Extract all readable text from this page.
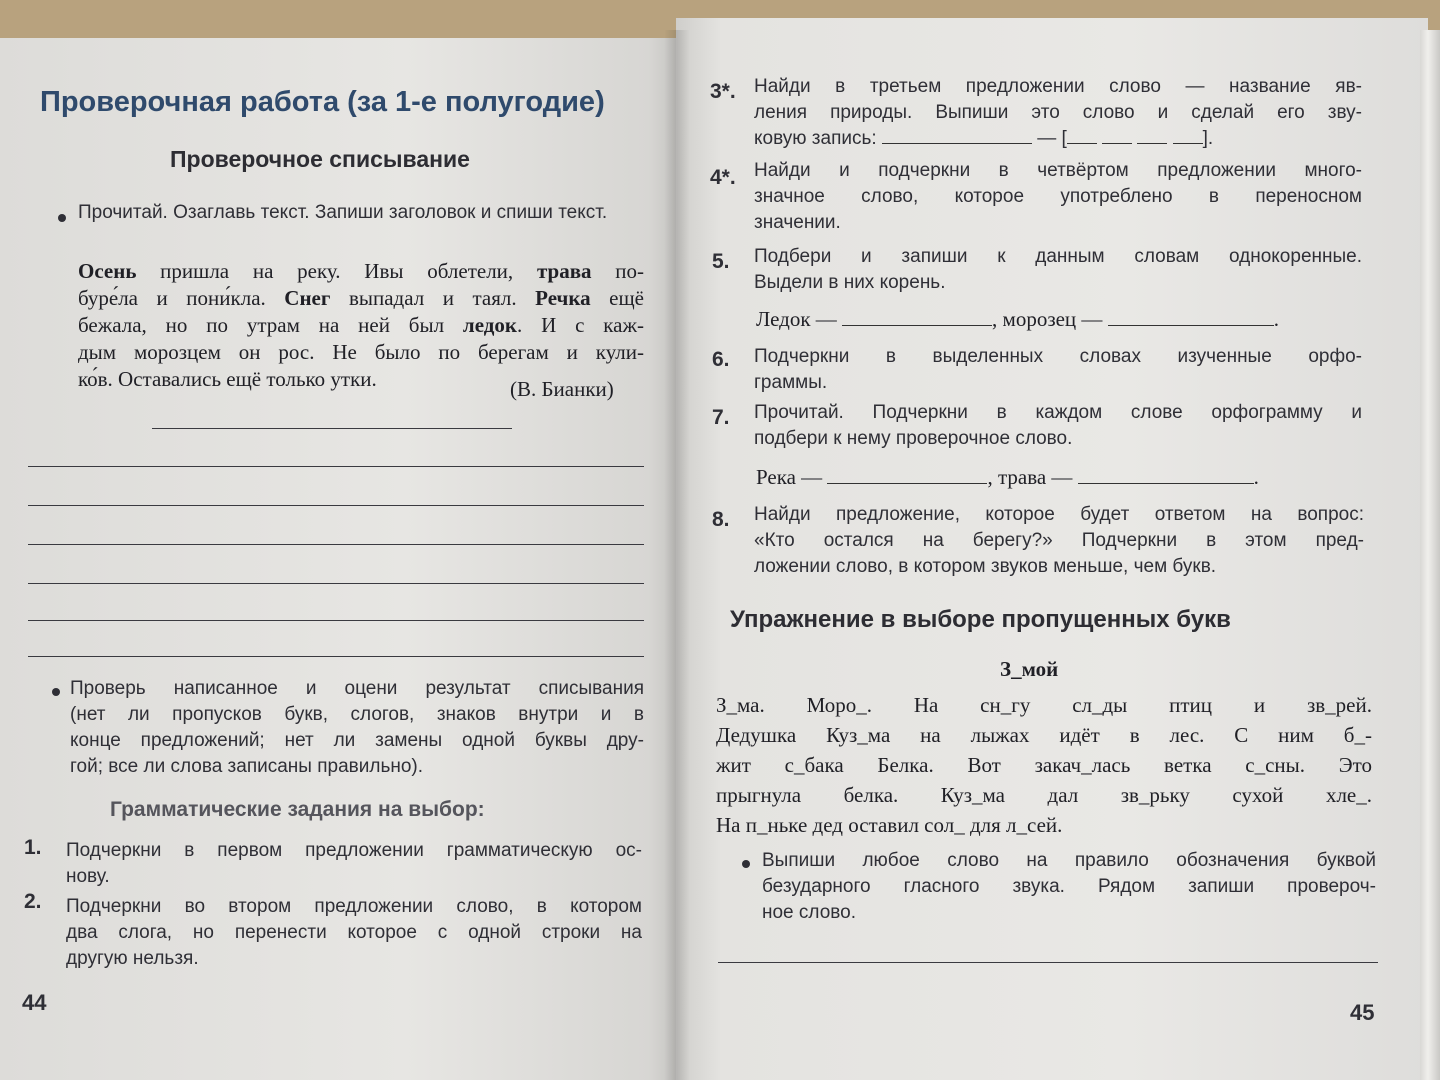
Проверочная работа (за 1-е полугодие)
Проверочное списывание
Прочитай. Озаглавь текст. Запиши заголовок и спиши текст.
Осень пришла на реку. Ивы облетели, трава по-
буре́ла и пони́кла. Снег выпадал и таял. Речка ещё
бежала, но по утрам на ней был ледок. И с каж-
дым морозцем он рос. Не было по берегам и кули-
ко́в. Оставались ещё только утки.	(В. Бианки)
Проверь написанное и оцени результат списывания
(нет ли пропусков букв, слогов, знаков внутри и в
конце предложений; нет ли замены одной буквы дру-
гой; все ли слова записаны правильно).
Грамматические задания на выбор:
1. Подчеркни в первом предложении грамматическую ос-
нову.
2. Подчеркни во втором предложении слово, в котором
два слога, но перенести которое с одной строки на
другую нельзя.
44
3*. Найди в третьем предложении слово — название яв-
ления природы. Выпиши это слово и сделай его зву-
ковую запись:	— [	].
4*. Найди и подчеркни в четвёртом предложении много-
значное слово, которое употреблено в переносном
значении.
5. Подбери и запиши к данным словам однокоренные.
Выдели в них корень.
Ледок —	, морозец —	.
6. Подчеркни в выделенных словах изученные орфо-
граммы.
7. Прочитай. Подчеркни в каждом слове орфограмму и
подбери к нему проверочное слово.
Река —	, трава —	.
8. Найди предложение, которое будет ответом на вопрос:
«Кто остался на берегу?» Подчеркни в этом пред-
ложении слово, в котором звуков меньше, чем букв.
Упражнение в выборе пропущенных букв
З_мой
З_ма. Моро_. На сн_гу сл_ды птиц и зв_рей.
Дедушка Куз_ма на лыжах идёт в лес. С ним б_-
жит с_бака Белка. Вот закач_лась ветка с_сны. Это
прыгнула белка. Куз_ма дал зв_рьку сухой хле_.
На п_ньке дед оставил сол_ для л_сей.
Выпиши любое слово на правило обозначения буквой
безударного гласного звука. Рядом запиши провероч-
ное слово.
45
